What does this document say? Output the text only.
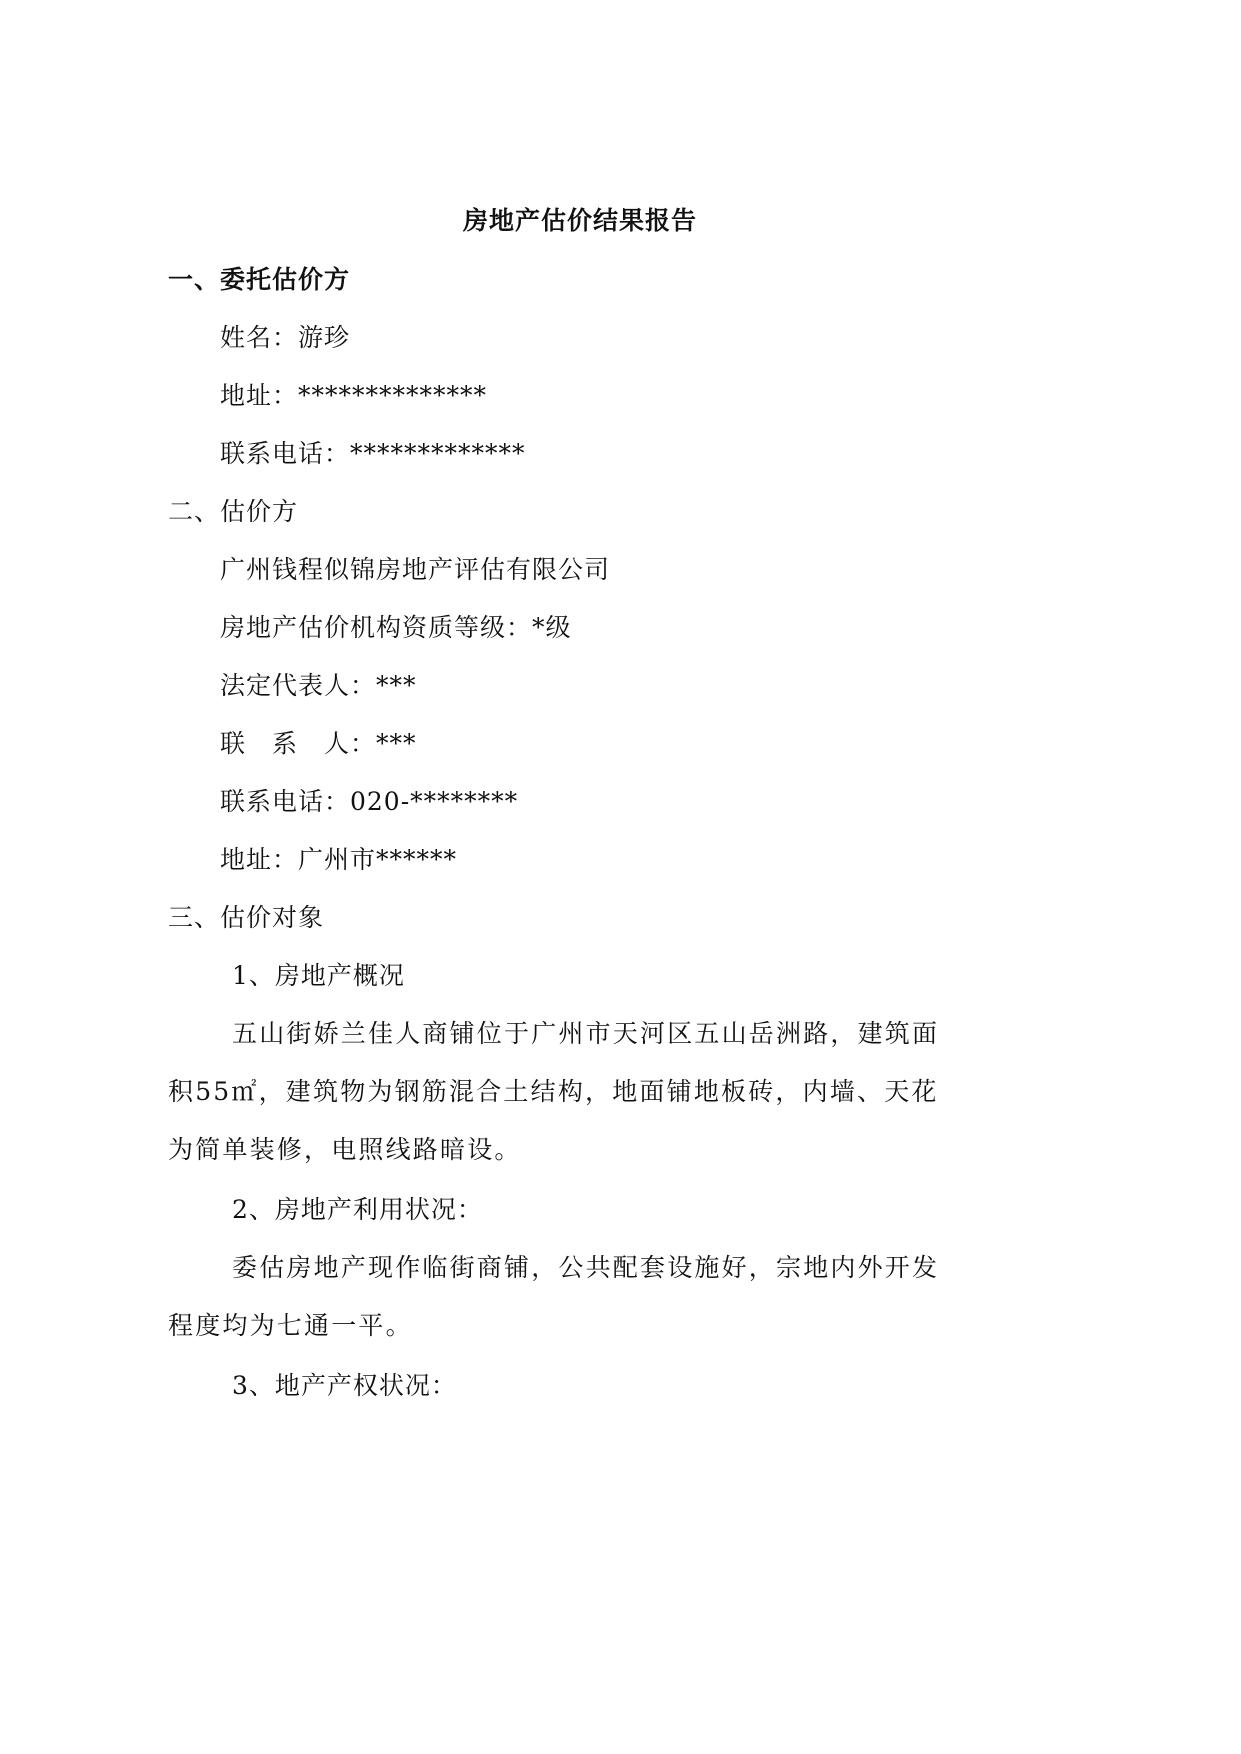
房地产估价结果报告
一、委托估价方
姓名：游珍
地址：**************
联系电话：*************
二、估价方
广州钱程似锦房地产评估有限公司
房地产估价机构资质等级：*级
法定代表人：***
联　系　人：***
联系电话：020-********
地址：广州市******
三、估价对象
1、房地产概况

五山街娇兰佳人商铺位于广州市天河区五山岳洲路，建筑面积55㎡，建筑物为钢筋混合土结构，地面铺地板砖，内墙、天花为简单装修，电照线路暗设。

2、房地产利用状况：

委估房地产现作临街商铺，公共配套设施好，宗地内外开发程度均为七通一平。

3、地产产权状况：
